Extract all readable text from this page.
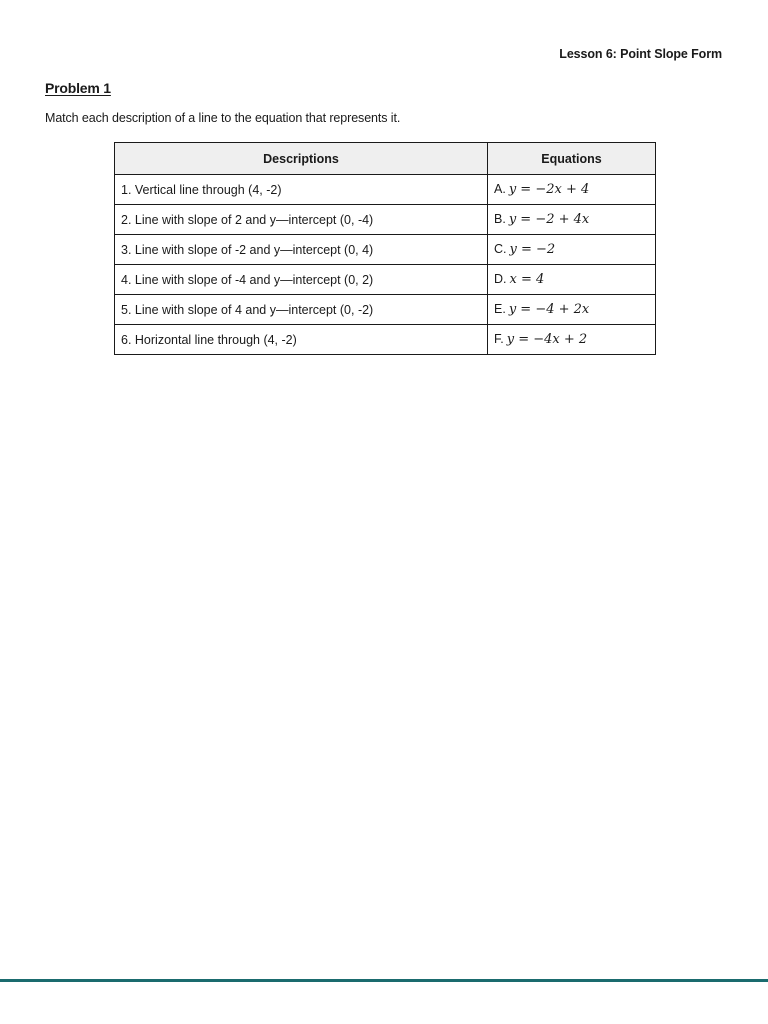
Lesson 6: Point Slope Form
Problem 1
Match each description of a line to the equation that represents it.
Descriptions	Equations
1. Vertical line through (4, -2)	A. y = −2x + 4
2. Line with slope of 2 and y—intercept (0, -4)	B. y = −2 + 4x
3. Line with slope of -2 and y—intercept (0, 4)	C. y = −2
4. Line with slope of -4 and y—intercept (0, 2)	D. x = 4
5. Line with slope of 4 and y—intercept (0, -2)	E. y = −4 + 2x
6. Horizontal line through (4, -2)	F. y = −4x + 2
